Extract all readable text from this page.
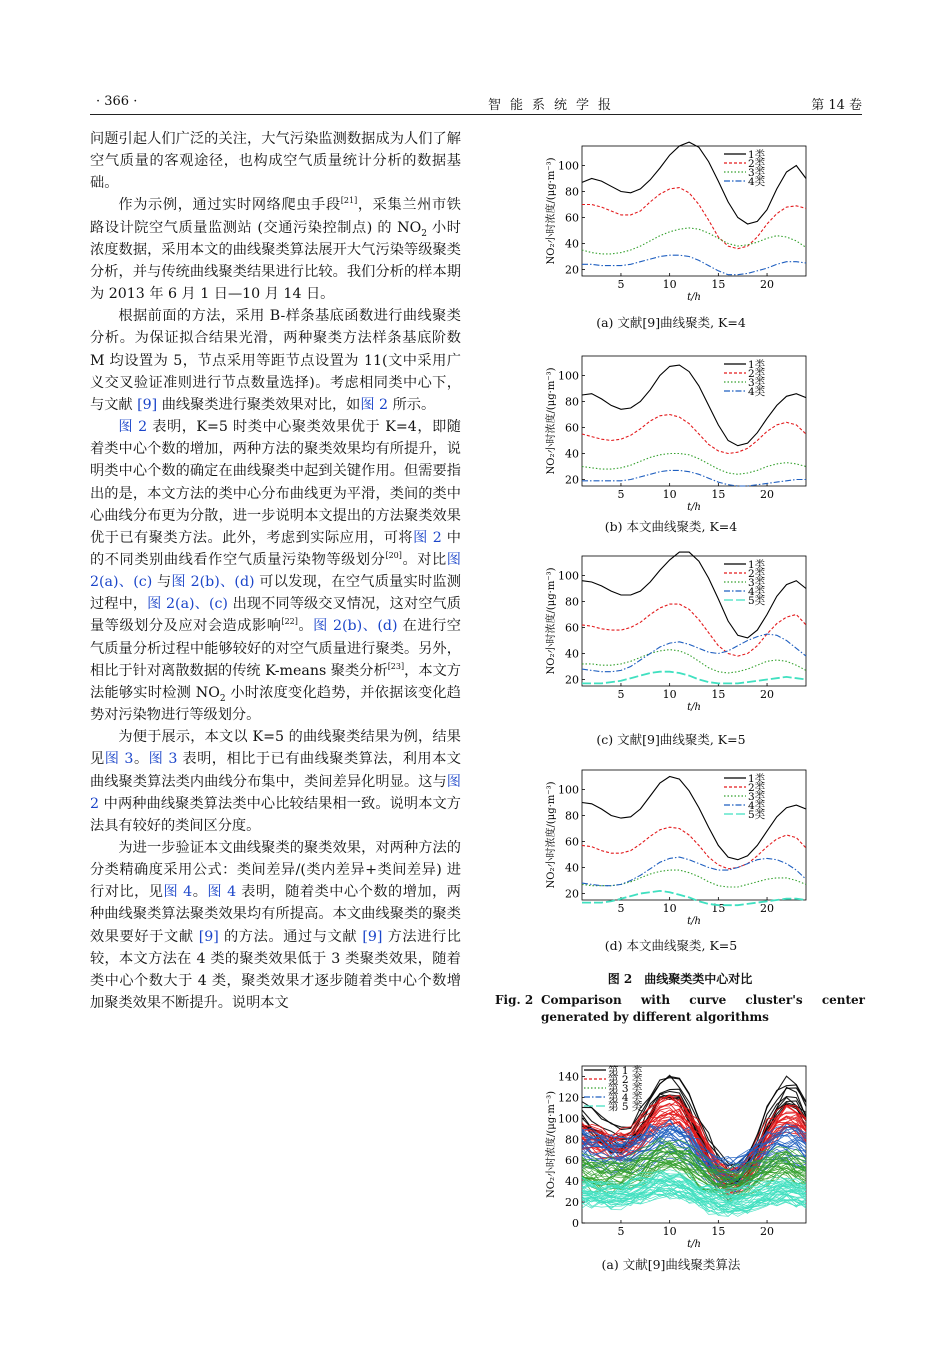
· 366 ·	智能系统学报	第 14 卷

问题引起人们广泛的关注，大气污染监测数据成为人们了解空气质量的客观途径，也构成空气质量统计分析的数据基础。

作为示例，通过实时网络爬虫手段[21]，采集兰州市铁路设计院空气质量监测站 (交通污染控制点) 的 $NO_2$ 小时浓度数据，采用本文的曲线聚类算法展开大气污染等级聚类分析，并与传统曲线聚类结果进行比较。我们分析的样本期为 2013 年 6 月 1 日—10 月 14 日。

根据前面的方法，采用 B-样条基底函数进行曲线聚类分析。为保证拟合结果光滑，两种聚类方法样条基底阶数 M 均设置为 5，节点采用等距节点设置为 11(文中采用广义交叉验证准则进行节点数量选择)。考虑相同类中心下，与文献 [9] 曲线聚类进行聚类效果对比，如图 2 所示。

图 2 表明，K=5 时类中心聚类效果优于 K=4，即随着类中心个数的增加，两种方法的聚类效果均有所提升，说明类中心个数的确定在曲线聚类中起到关键作用。但需要指出的是，本文方法的类中心分布曲线更为平滑，类间的类中心曲线分布更为分散，进一步说明本文提出的方法聚类效果优于已有聚类方法。此外，考虑到实际应用，可将图 2 中的不同类别曲线看作空气质量污染物等级划分[20]。对比图 2(a)、(c) 与图 2(b)、(d) 可以发现，在空气质量实时监测过程中，图 2(a)、(c) 出现不同等级交叉情况，这对空气质量等级划分及应对会造成影响[22]。图 2(b)、(d) 在进行空气质量分析过程中能够较好的对空气质量进行聚类。另外，相比于针对离散数据的传统 K-means 聚类分析[23]，本文方法能够实时检测 $NO_2$ 小时浓度变化趋势，并依据该变化趋势对污染物进行等级划分。

为便于展示，本文以 K=5 的曲线聚类结果为例，结果见图 3。图 3 表明，相比于已有曲线聚类算法，利用本文曲线聚类算法类内曲线分布集中，类间差异化明显。这与图 2 中两种曲线聚类算法类中心比较结果相一致。说明本文方法具有较好的类间区分度。

为进一步验证本文曲线聚类的聚类效果，对两种方法的分类精确度采用公式：类间差异/(类内差异+类间差异) 进行对比，见图 4。图 4 表明，随着类中心个数的增加，两种曲线聚类算法聚类效果均有所提高。本文曲线聚类的聚类效果要好于文献 [9] 的方法。通过与文献 [9] 方法进行比较，本文方法在 4 类的聚类效果低于 3 类聚类效果，随着类中心个数大于 4 类，聚类效果才逐步随着类中心个数增加聚类效果不断提升。说明本文

5	10	15	20
20
40
60
80
100
t/h
NO₂小时浓度/(μg·m⁻³)
1类
2类
3类
4类
(a) 文献[9]曲线聚类, K=4
5	10	15	20
20
40
60
80
100
t/h
NO₂小时浓度/(μg·m⁻³)
1类
2类
3类
4类
(b) 本文曲线聚类, K=4
5	10	15	20
20
40
60
80
100
t/h
NO₂小时浓度/(μg·m⁻³)
1类
2类
3类
4类
5类
(c) 文献[9]曲线聚类, K=5
5	10	15	20
20
40
60
80
100
t/h
NO₂小时浓度/(μg·m⁻³)
1类
2类
3类
4类
5类
(d) 本文曲线聚类, K=5
图 2　曲线聚类类中心对比
Fig. 2 Comparison with curve cluster's center generated by different algorithms
5	10	15	20
0
20
40
60
80
100
120
140
t/h
NO₂小时浓度/(μg·m⁻³)
第 1 类
第 2 类
第 3 类
第 4 类
第 5 类
(a) 文献[9]曲线聚类算法
